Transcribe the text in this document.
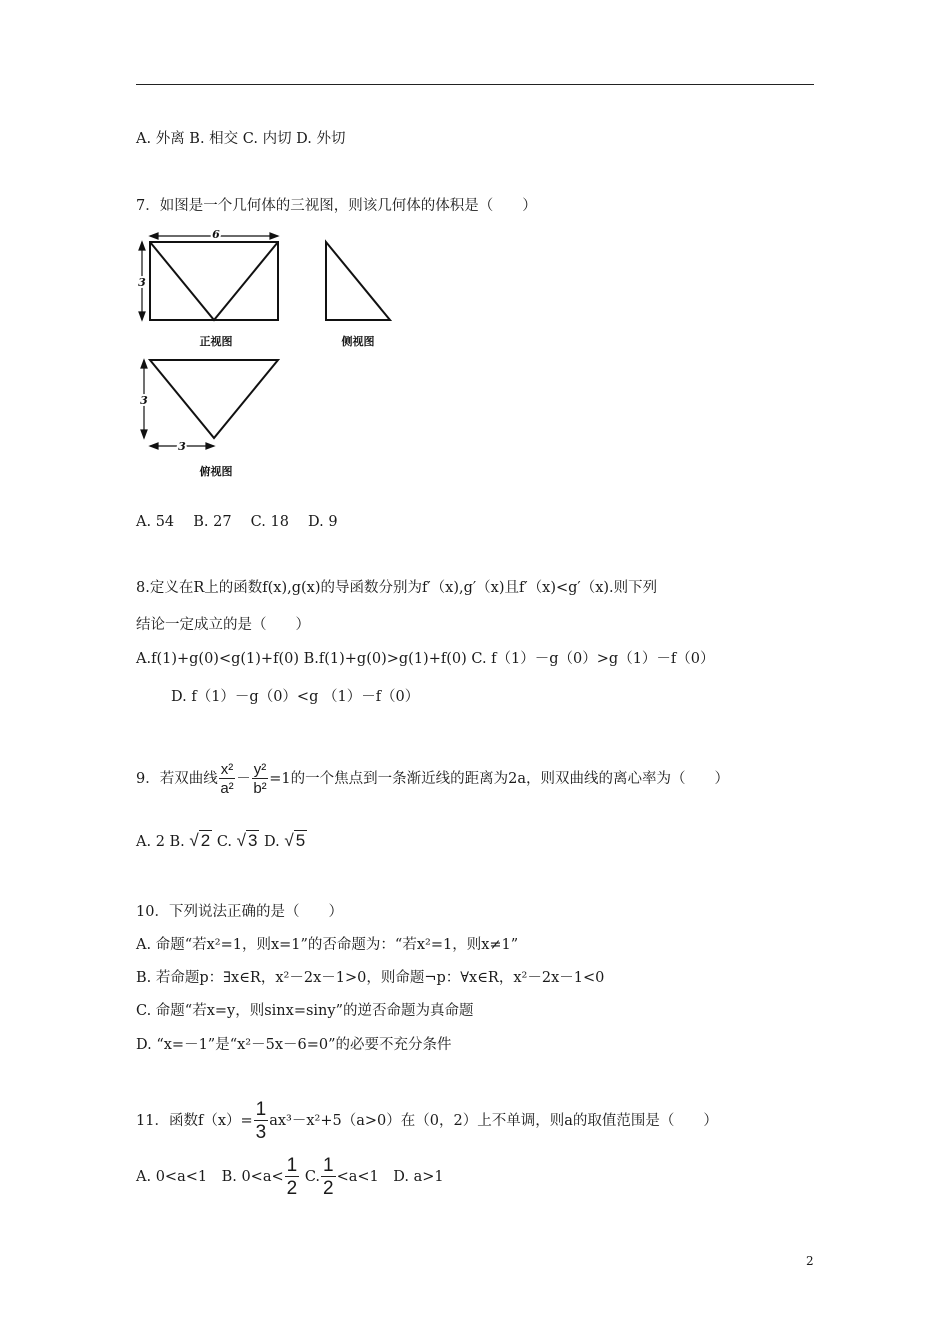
A. 外离 B. 相交 C. 内切 D. 外切
7．如图是一个几何体的三视图，则该几何体的体积是（　　）
6
3
3
3
正视图	侧视图
俯视图
A. 54　 B. 27　 C. 18　 D. 9
8.定义在R上的函数f(x),g(x)的导函数分别为f′（x),g′（x)且f′（x)<g′（x).则下列
结论一定成立的是（　　）
A.f(1)+g(0)<g(1)+f(0) B.f(1)+g(0)>g(1)+f(0) C. f（1）－g（0）>g（1）－f（0）
D. f（1）－g（0）<g （1）－f（0）
9．若双曲线 $\frac{\text{x²}}{\text{a²}} - \frac{\text{y²}}{\text{b²}} =1$的一个焦点到一条渐近线的距离为2a，则双曲线的离心率为（　　）
A. 2 B. √ 2 C. √ 3 D. √ 5
10．下列说法正确的是（　　）
A. 命题“若x²=1，则x=1”的否命题为：“若x²=1，则x≠1”
B. 若命题p：∃x∈R，x²－2x－1>0，则命题¬p：∀x∈R，x²－2x－1<0
C. 命题“若x=y，则sinx=siny”的逆否命题为真命题
D. “x=－1”是“x²－5x－6=0”的必要不充分条件
11．函数$f(x)= \frac{1}{3} ax^3-x^2+5(a>0)$在（0，2）上不单调，则a的取值范围是（　　）
A. 0<a<1　B. $0<a< \frac{1}{2} C$. $\frac{1}{2} <a<1$　D. a>1
2
